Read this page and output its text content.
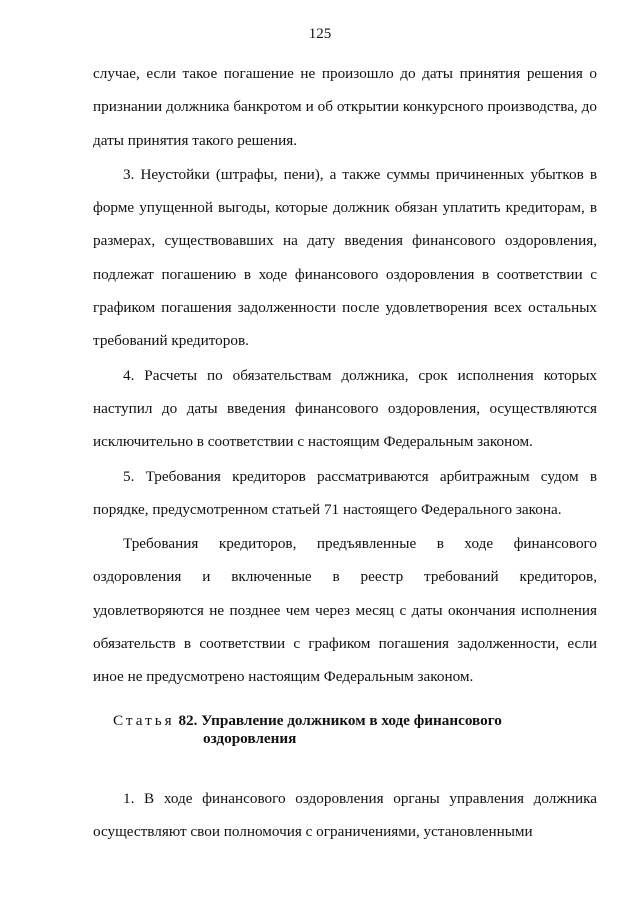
125

случае, если такое погашение не произошло до даты принятия решения о признании должника банкротом и об открытии конкурсного производства, до даты принятия такого решения.

3. Неустойки (штрафы, пени), а также суммы причиненных убытков в форме упущенной выгоды, которые должник обязан уплатить кредиторам, в размерах, существовавших на дату введения финансового оздоровления, подлежат погашению в ходе финансового оздоровления в соответствии с графиком погашения задолженности после удовлетворения всех остальных требований кредиторов.

4. Расчеты по обязательствам должника, срок исполнения которых наступил до даты введения финансового оздоровления, осуществляются исключительно в соответствии с настоящим Федеральным законом.

5. Требования кредиторов рассматриваются арбитражным судом в порядке, предусмотренном статьей 71 настоящего Федерального закона.

Требования кредиторов, предъявленные в ходе финансового оздоровления и включенные в реестр требований кредиторов, удовлетворяются не позднее чем через месяц с даты окончания исполнения обязательств в соответствии с графиком погашения задолженности, если иное не предусмотрено настоящим Федеральным законом.

Статья 82. Управление должником в ходе финансового
оздоровления

1. В ходе финансового оздоровления органы управления должника осуществляют свои полномочия с ограничениями, установленными
